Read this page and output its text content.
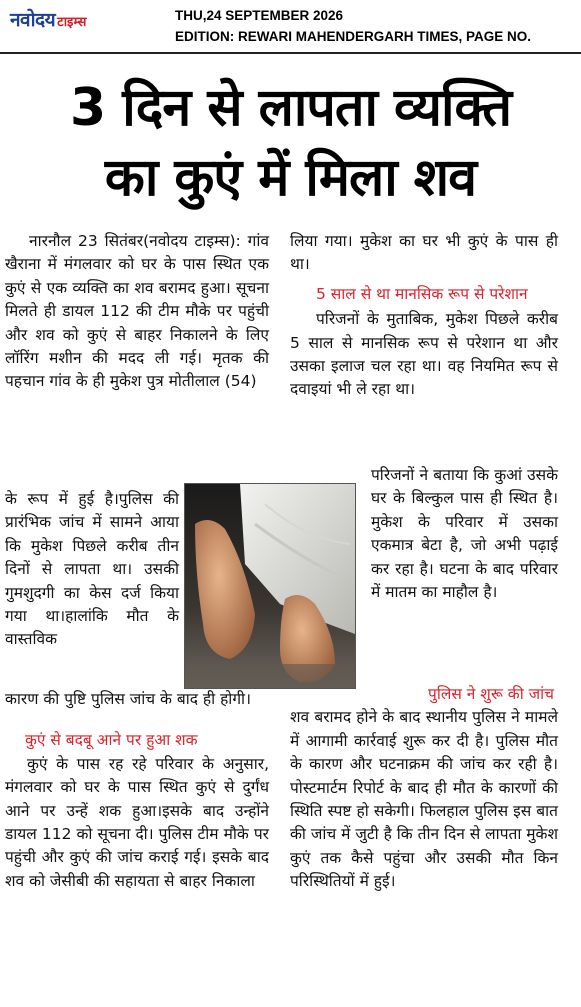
नवोदय टाइम्स	THU,24 SEPTEMBER 2026
EDITION: REWARI MAHENDERGARH TIMES, PAGE NO.
3 दिन से लापता व्यक्ति
का कुएं में मिला शव

नारनौल 23 सितंबर(नवोदय टाइम्स): गांव खैराना में मंगलवार को घर के पास स्थित एक कुएं से एक व्यक्ति का शव बरामद हुआ। सूचना मिलते ही डायल 112 की टीम मौके पर पहुंची और शव को कुएं से बाहर निकालने के लिए लॉरिंग मशीन की मदद ली गई। मृतक की पहचान गांव के ही मुकेश पुत्र मोतीलाल (54)

के रूप में हुई है।पुलिस की प्रारंभिक जांच में सामने आया कि मुकेश पिछले करीब तीन दिनों से लापता था। उसकी गुमशुदगी का केस दर्ज किया गया था।हालांकि मौत के वास्तविक

कारण की पुष्टि पुलिस जांच के बाद ही होगी।

कुएं से बदबू आने पर हुआ शक

कुएं के पास रह रहे परिवार के अनुसार, मंगलवार को घर के पास स्थित कुएं से दुर्गंध आने पर उन्हें शक हुआ।इसके बाद उन्होंने डायल 112 को सूचना दी। पुलिस टीम मौके पर पहुंची और कुएं की जांच कराई गई। इसके बाद शव को जेसीबी की सहायता से बाहर निकाला

लिया गया। मुकेश का घर भी कुएं के पास ही था।

5 साल से था मानसिक रूप से परेशान

परिजनों के मुताबिक, मुकेश पिछले करीब 5 साल से मानसिक रूप से परेशान था और उसका इलाज चल रहा था। वह नियमित रूप से दवाइयां भी ले रहा था।

परिजनों ने बताया कि कुआं उसके घर के बिल्कुल पास ही स्थित है। मुकेश के परिवार में उसका एकमात्र बेटा है, जो अभी पढ़ाई कर रहा है। घटना के बाद परिवार में मातम का माहौल है।

पुलिस ने शुरू की जांच

शव बरामद होने के बाद स्थानीय पुलिस ने मामले में आगामी कार्रवाई शुरू कर दी है। पुलिस मौत के कारण और घटनाक्रम की जांच कर रही है। पोस्टमार्टम रिपोर्ट के बाद ही मौत के कारणों की स्थिति स्पष्ट हो सकेगी। फिलहाल पुलिस इस बात की जांच में जुटी है कि तीन दिन से लापता मुकेश कुएं तक कैसे पहुंचा और उसकी मौत किन परिस्थितियों में हुई।
